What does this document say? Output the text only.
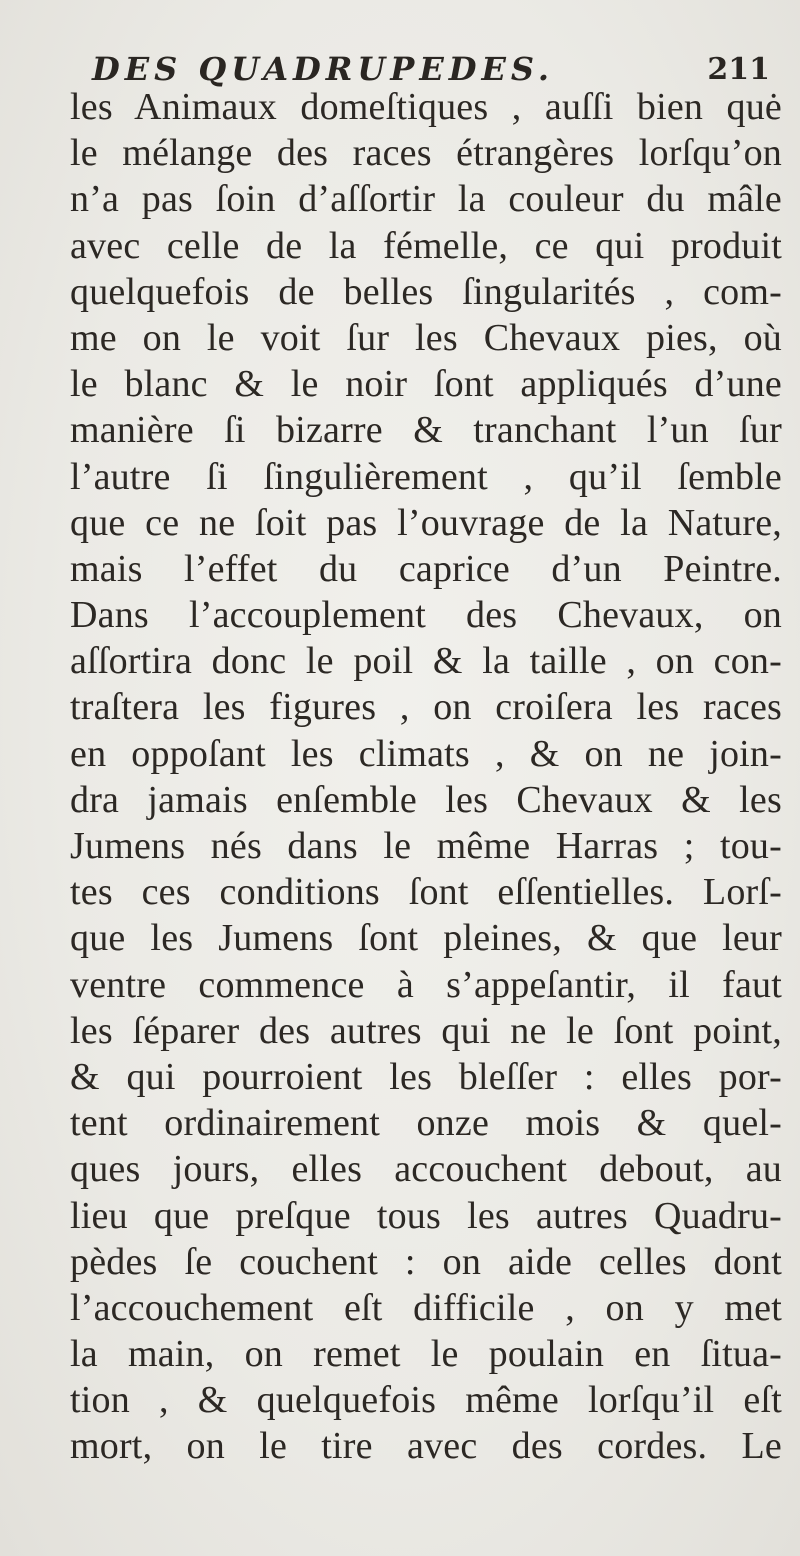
DES QUADRUPEDES.	211
les Animaux domeſtiques , auſſi bien quė
le mélange des races étrangères lorſqu’on
n’a pas ſoin d’aſſortir la couleur du mâle
avec celle de la fémelle, ce qui produit
quelquefois de belles ſingularités , com-
me on le voit ſur les Chevaux pies, où
le blanc & le noir ſont appliqués d’une
manière ſi bizarre & tranchant l’un ſur
l’autre ſi ſingulièrement , qu’il ſemble
que ce ne ſoit pas l’ouvrage de la Nature,
mais l’effet du caprice d’un Peintre.
Dans l’accouplement des Chevaux, on
aſſortira donc le poil & la taille , on con-
traſtera les figures , on croiſera les races
en oppoſant les climats , & on ne join-
dra jamais enſemble les Chevaux & les
Jumens nés dans le même Harras ; tou-
tes ces conditions ſont eſſentielles. Lorſ-
que les Jumens ſont pleines, & que leur
ventre commence à s’appeſantir, il faut
les ſéparer des autres qui ne le ſont point,
& qui pourroient les bleſſer : elles por-
tent ordinairement onze mois & quel-
ques jours, elles accouchent debout, au
lieu que preſque tous les autres Quadru-
pèdes ſe couchent : on aide celles dont
l’accouchement eſt difficile , on y met
la main, on remet le poulain en ſitua-
tion , & quelquefois même lorſqu’il eſt
mort, on le tire avec des cordes. Le
